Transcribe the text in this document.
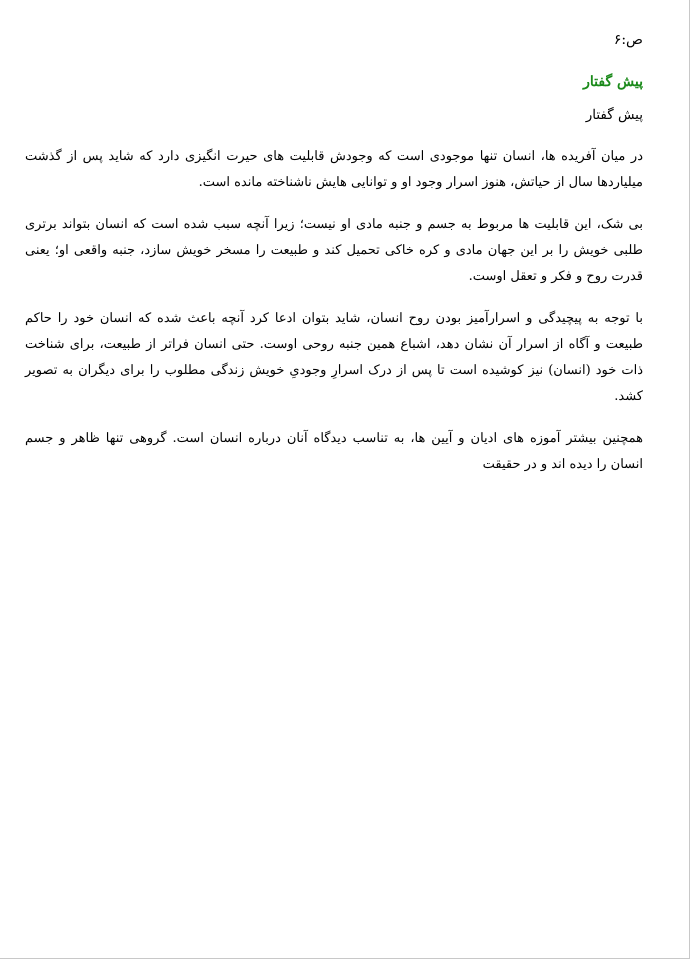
ص:۶
پیش گفتار
پیش گفتار

در میان آفریده ها، انسان تنها موجودی است که وجودش قابلیت های حیرت انگیزی دارد که شاید پس از گذشت میلیاردها سال از حیاتش، هنوز اسرار وجود او و توانایی هایش ناشناخته مانده است.

بی شک، این قابلیت ها مربوط به جسم و جنبه مادی او نیست؛ زیرا آنچه سبب شده است که انسان بتواند برتری طلبی خویش را بر این جهان مادی و کره خاکی تحمیل کند و طبیعت را مسخر خویش سازد، جنبه واقعی او؛ یعنی قدرت روح و فکر و تعقل اوست.

با توجه به پیچیدگی و اسرارآمیز بودن روح انسان، شاید بتوان ادعا کرد آنچه باعث شده که انسان خود را حاکم طبیعت و آگاه از اسرار آن نشان دهد، اشباع همین جنبه روحی اوست. حتی انسان فراتر از طبیعت، برای شناخت ذات خود (انسان) نیز کوشیده است تا پس از درک اسرارِ وجودیِ خویش زندگی مطلوب را برای دیگران به تصویر کشد.

همچنین بیشتر آموزه های ادیان و آیین ها، به تناسب دیدگاه آنان درباره انسان است. گروهی تنها ظاهر و جسم انسان را دیده اند و در حقیقت
